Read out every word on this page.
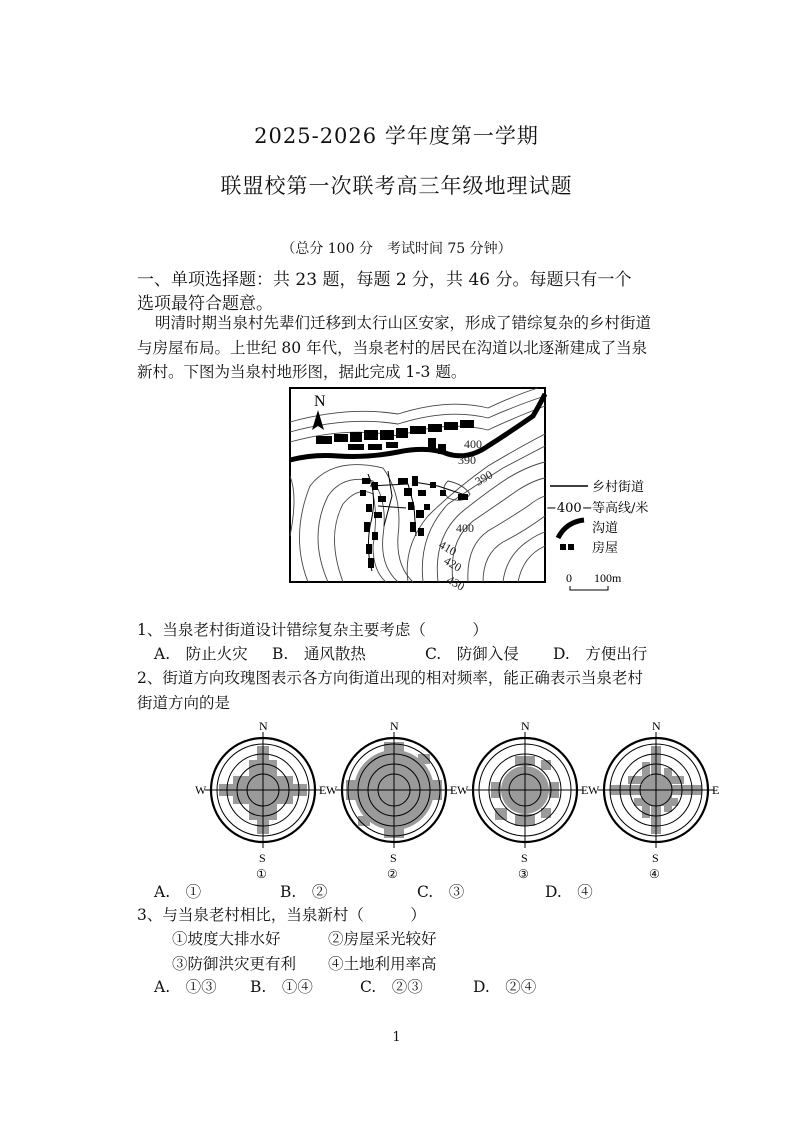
2025-2026 学年度第一学期
联盟校第一次联考高三年级地理试题
（总分 100 分　考试时间 75 分钟）
一、单项选择题：共 23 题，每题 2 分，共 46 分。每题只有一个
选项最符合题意。
明清时期当泉村先辈们迁移到太行山区安家，形成了错综复杂的乡村街道
与房屋布局。上世纪 80 年代，当泉老村的居民在沟道以北逐渐建成了当泉
新村。下图为当泉村地形图，据此完成 1-3 题。
400
390
390
400
410
420
430
N
乡村街道
−400− 等高线/米
沟道
房屋
0 100m
1、当泉老村街道设计错综复杂主要考虑（　　　）
A.　防止火灾 B.　通风散热	C.　防御入侵 D.　方便出行
2、街道方向玫瑰图表示各方向街道出现的相对频率，能正确表示当泉老村
街道方向的是
N
S
E
W
①
N
S
E
W
②
N
S
E
W
③
N
S
E
W
④
A.　①	B.　②	C.　③	D.　④
3、与当泉老村相比，当泉新村（　　　）
①坡度大排水好	②房屋采光较好
③防御洪灾更有利 ④土地利用率高
A.　①③ B.　①④	C.　②③	D.　②④
1
